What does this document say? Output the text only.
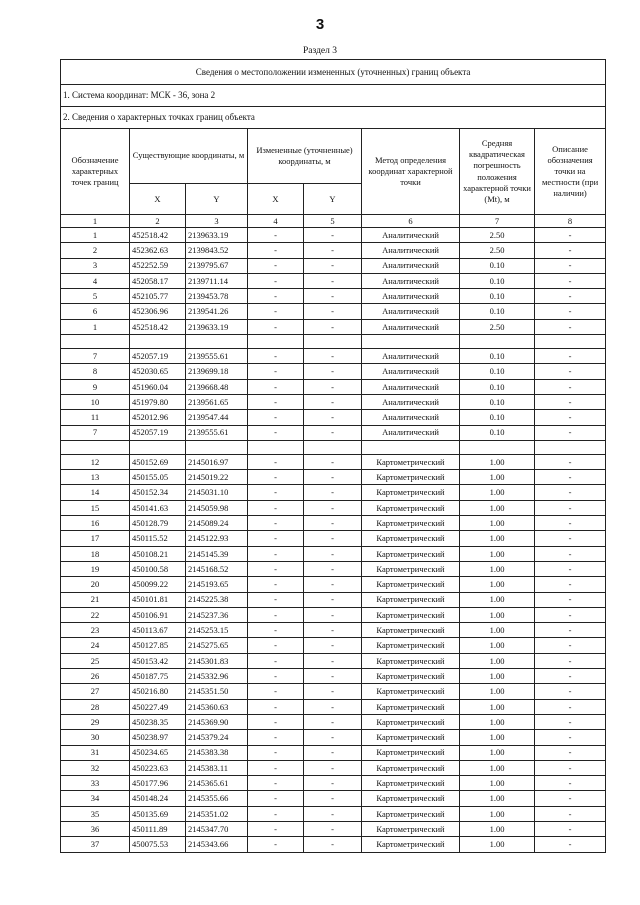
3
Раздел 3
Сведения о местоположении измененных (уточненных) границ объекта							
1. Система координат: МСК - 36, зона 2							
2. Сведения о характерных точках границ объекта							
Обозначение характерных точек границ	Существующие координаты, м		Измененные (уточненные) координаты, м		Метод определения координат характерной точки	Средняя квадратическая погрешность положения характерной точки (Mt), м	Описание обозначения точки на местности (при наличии)
	X	Y	X	Y			
1	2	3	4	5	6	7	8
1	452518.42	2139633.19	-	-	Аналитический	2.50	-
2	452362.63	2139843.52	-	-	Аналитический	2.50	-
3	452252.59	2139795.67	-	-	Аналитический	0.10	-
4	452058.17	2139711.14	-	-	Аналитический	0.10	-
5	452105.77	2139453.78	-	-	Аналитический	0.10	-
6	452306.96	2139541.26	-	-	Аналитический	0.10	-
1	452518.42	2139633.19	-	-	Аналитический	2.50	-

7	452057.19	2139555.61	-	-	Аналитический	0.10	-
8	452030.65	2139699.18	-	-	Аналитический	0.10	-
9	451960.04	2139668.48	-	-	Аналитический	0.10	-
10	451979.80	2139561.65	-	-	Аналитический	0.10	-
11	452012.96	2139547.44	-	-	Аналитический	0.10	-
7	452057.19	2139555.61	-	-	Аналитический	0.10	-

12	450152.69	2145016.97	-	-	Картометрический	1.00	-
13	450155.05	2145019.22	-	-	Картометрический	1.00	-
14	450152.34	2145031.10	-	-	Картометрический	1.00	-
15	450141.63	2145059.98	-	-	Картометрический	1.00	-
16	450128.79	2145089.24	-	-	Картометрический	1.00	-
17	450115.52	2145122.93	-	-	Картометрический	1.00	-
18	450108.21	2145145.39	-	-	Картометрический	1.00	-
19	450100.58	2145168.52	-	-	Картометрический	1.00	-
20	450099.22	2145193.65	-	-	Картометрический	1.00	-
21	450101.81	2145225.38	-	-	Картометрический	1.00	-
22	450106.91	2145237.36	-	-	Картометрический	1.00	-
23	450113.67	2145253.15	-	-	Картометрический	1.00	-
24	450127.85	2145275.65	-	-	Картометрический	1.00	-
25	450153.42	2145301.83	-	-	Картометрический	1.00	-
26	450187.75	2145332.96	-	-	Картометрический	1.00	-
27	450216.80	2145351.50	-	-	Картометрический	1.00	-
28	450227.49	2145360.63	-	-	Картометрический	1.00	-
29	450238.35	2145369.90	-	-	Картометрический	1.00	-
30	450238.97	2145379.24	-	-	Картометрический	1.00	-
31	450234.65	2145383.38	-	-	Картометрический	1.00	-
32	450223.63	2145383.11	-	-	Картометрический	1.00	-
33	450177.96	2145365.61	-	-	Картометрический	1.00	-
34	450148.24	2145355.66	-	-	Картометрический	1.00	-
35	450135.69	2145351.02	-	-	Картометрический	1.00	-
36	450111.89	2145347.70	-	-	Картометрический	1.00	-
37	450075.53	2145343.66	-	-	Картометрический	1.00	-
